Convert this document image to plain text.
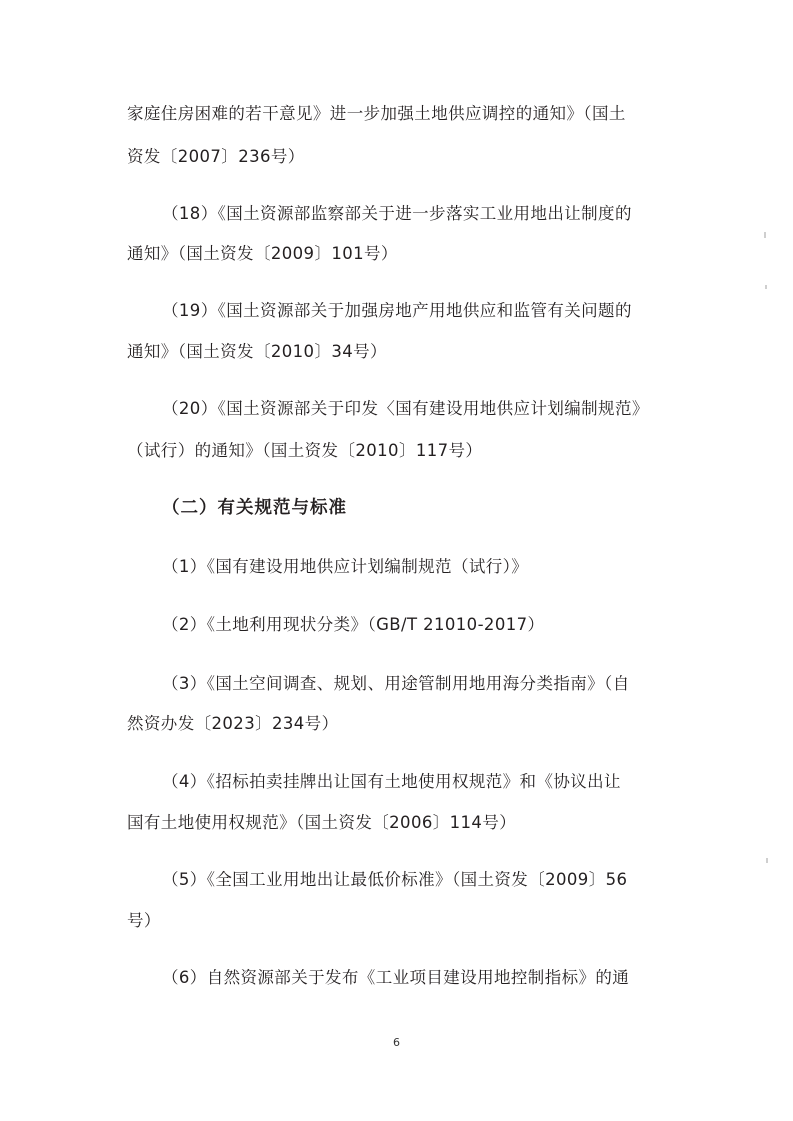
家庭住房困难的若干意见》进一步加强土地供应调控的通知》（国土
资发〔2007〕236号）
（18）《国土资源部监察部关于进一步落实工业用地出让制度的
通知》（国土资发〔2009〕101号）
（19）《国土资源部关于加强房地产用地供应和监管有关问题的
通知》（国土资发〔2010〕34号）
（20）《国土资源部关于印发〈国有建设用地供应计划编制规范》
（试行）的通知》（国土资发〔2010〕117号）
（二）有关规范与标准
（1）《国有建设用地供应计划编制规范（试行）》
（2）《土地利用现状分类》（GB/T 21010-2017）
（3）《国土空间调查、规划、用途管制用地用海分类指南》（自
然资办发〔2023〕234号）
（4）《招标拍卖挂牌出让国有土地使用权规范》和《协议出让
国有土地使用权规范》（国土资发〔2006〕114号）
（5）《全国工业用地出让最低价标准》（国土资发〔2009〕56
号）
（6）自然资源部关于发布《工业项目建设用地控制指标》的通
6
